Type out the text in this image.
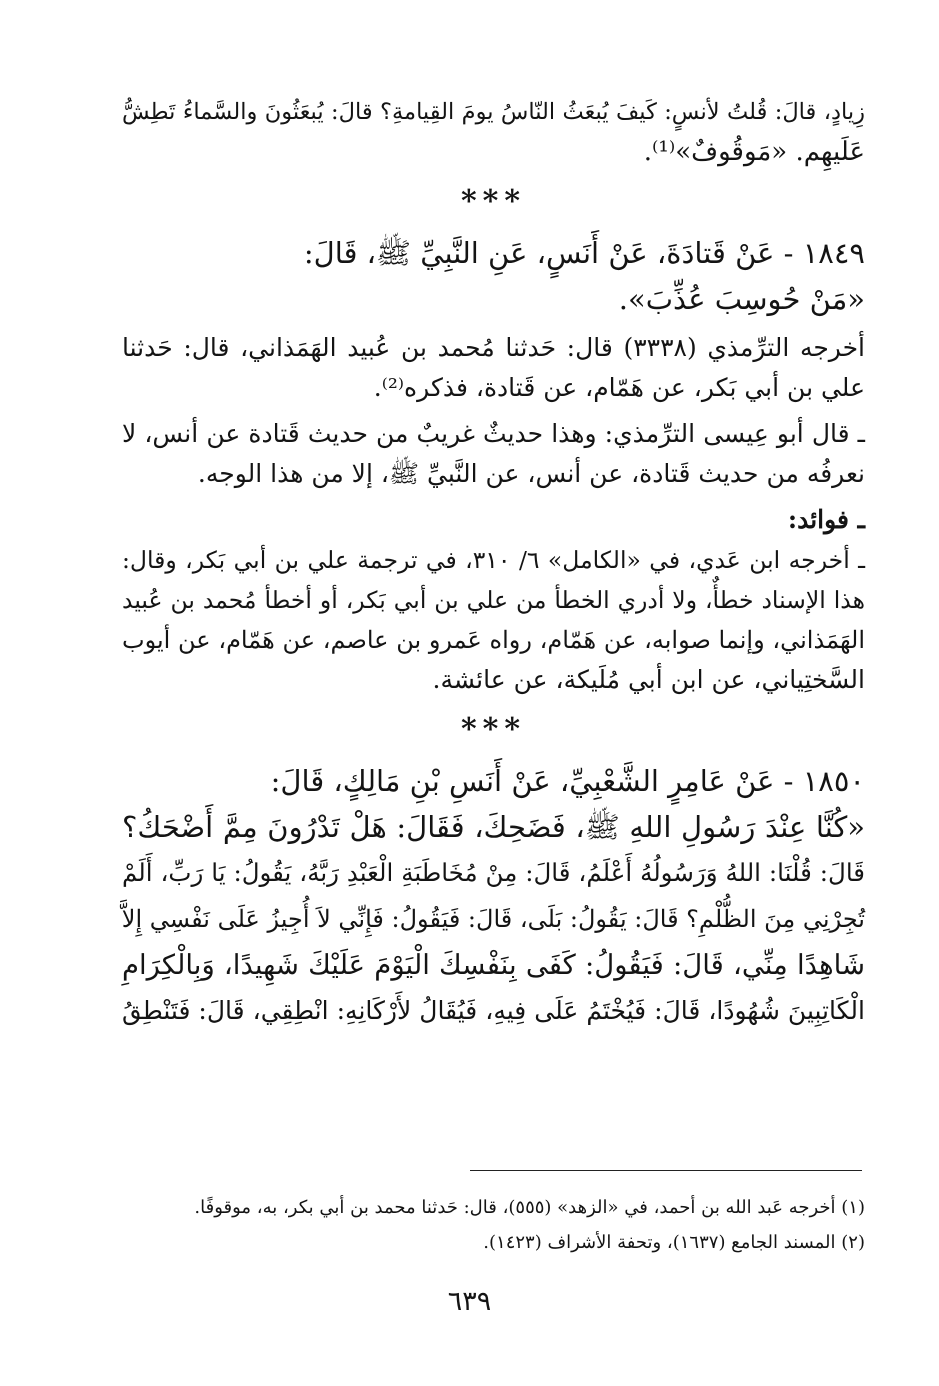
زِيادٍ، قالَ: قُلتُ لأنسٍ: كَيفَ يُبعَثُ النّاسُ يومَ القِيامةِ؟ قالَ: يُبعَثُونَ والسَّماءُ تَطِشُّ
عَلَيهِم. «مَوقُوفٌ»⁽¹⁾.
***
١٨٤٩ - عَنْ قَتادَةَ، عَنْ أَنَسٍ، عَنِ النَّبِيِّ ﷺ، قَالَ:
«مَنْ حُوسِبَ عُذِّبَ».
أخرجه الترِّمذي (٣٣٣٨) قال: حَدثنا مُحمد بن عُبيد الهَمَذاني، قال: حَدثنا
علي بن أبي بَكر، عن هَمّام، عن قَتادة، فذكره⁽²⁾.
ـ قال أبو عِيسى الترِّمذي: وهذا حديثٌ غريبٌ من حديث قَتادة عن أنس، لا
نعرفُه من حديث قَتادة، عن أنس، عن النَّبيِّ ﷺ، إلا من هذا الوجه.
ـ فوائد:
ـ أخرجه ابن عَدي، في «الكامل» ٦/ ٣١٠، في ترجمة علي بن أبي بَكر، وقال:
هذا الإسناد خطأٌ، ولا أدري الخطأ من علي بن أبي بَكر، أو أخطأ مُحمد بن عُبيد
الهَمَذاني، وإنما صوابه، عن هَمّام، رواه عَمرو بن عاصم، عن هَمّام، عن أيوب
السَّختِياني، عن ابن أبي مُلَيكة، عن عائشة.
***
١٨٥٠ - عَنْ عَامِرٍ الشَّعْبِيِّ، عَنْ أَنَسِ بْنِ مَالِكٍ، قَالَ:
«كُنَّا عِنْدَ رَسُولِ اللهِ ﷺ، فَضَحِكَ، فَقَالَ: هَلْ تَدْرُونَ مِمَّ أَضْحَكُ؟
قَالَ: قُلْنَا: اللهُ وَرَسُولُهُ أَعْلَمُ، قَالَ: مِنْ مُخَاطَبَةِ الْعَبْدِ رَبَّهُ، يَقُولُ: يَا رَبِّ، أَلَمْ
تُجِرْنِي مِنَ الظُّلْمِ؟ قَالَ: يَقُولُ: بَلَى، قَالَ: فَيَقُولُ: فَإِنِّي لاَ أُجِيزُ عَلَى نَفْسِي إِلاَّ
شَاهِدًا مِنِّي، قَالَ: فَيَقُولُ: كَفَى بِنَفْسِكَ الْيَوْمَ عَلَيْكَ شَهِيدًا، وَبِالْكِرَامِ
الْكَاتِبِينَ شُهُودًا، قَالَ: فَيُخْتَمُ عَلَى فِيهِ، فَيُقَالُ لأَرْكَانِهِ: انْطِقِي، قَالَ: فَتَنْطِقُ
(١) أخرجه عَبد الله بن أحمد، في «الزهد» (٥٥٥)، قال: حَدثنا محمد بن أبي بكر، به، موقوفًا.
(٢) المسند الجامع (١٦٣٧)، وتحفة الأشراف (١٤٢٣).
٦٣٩
